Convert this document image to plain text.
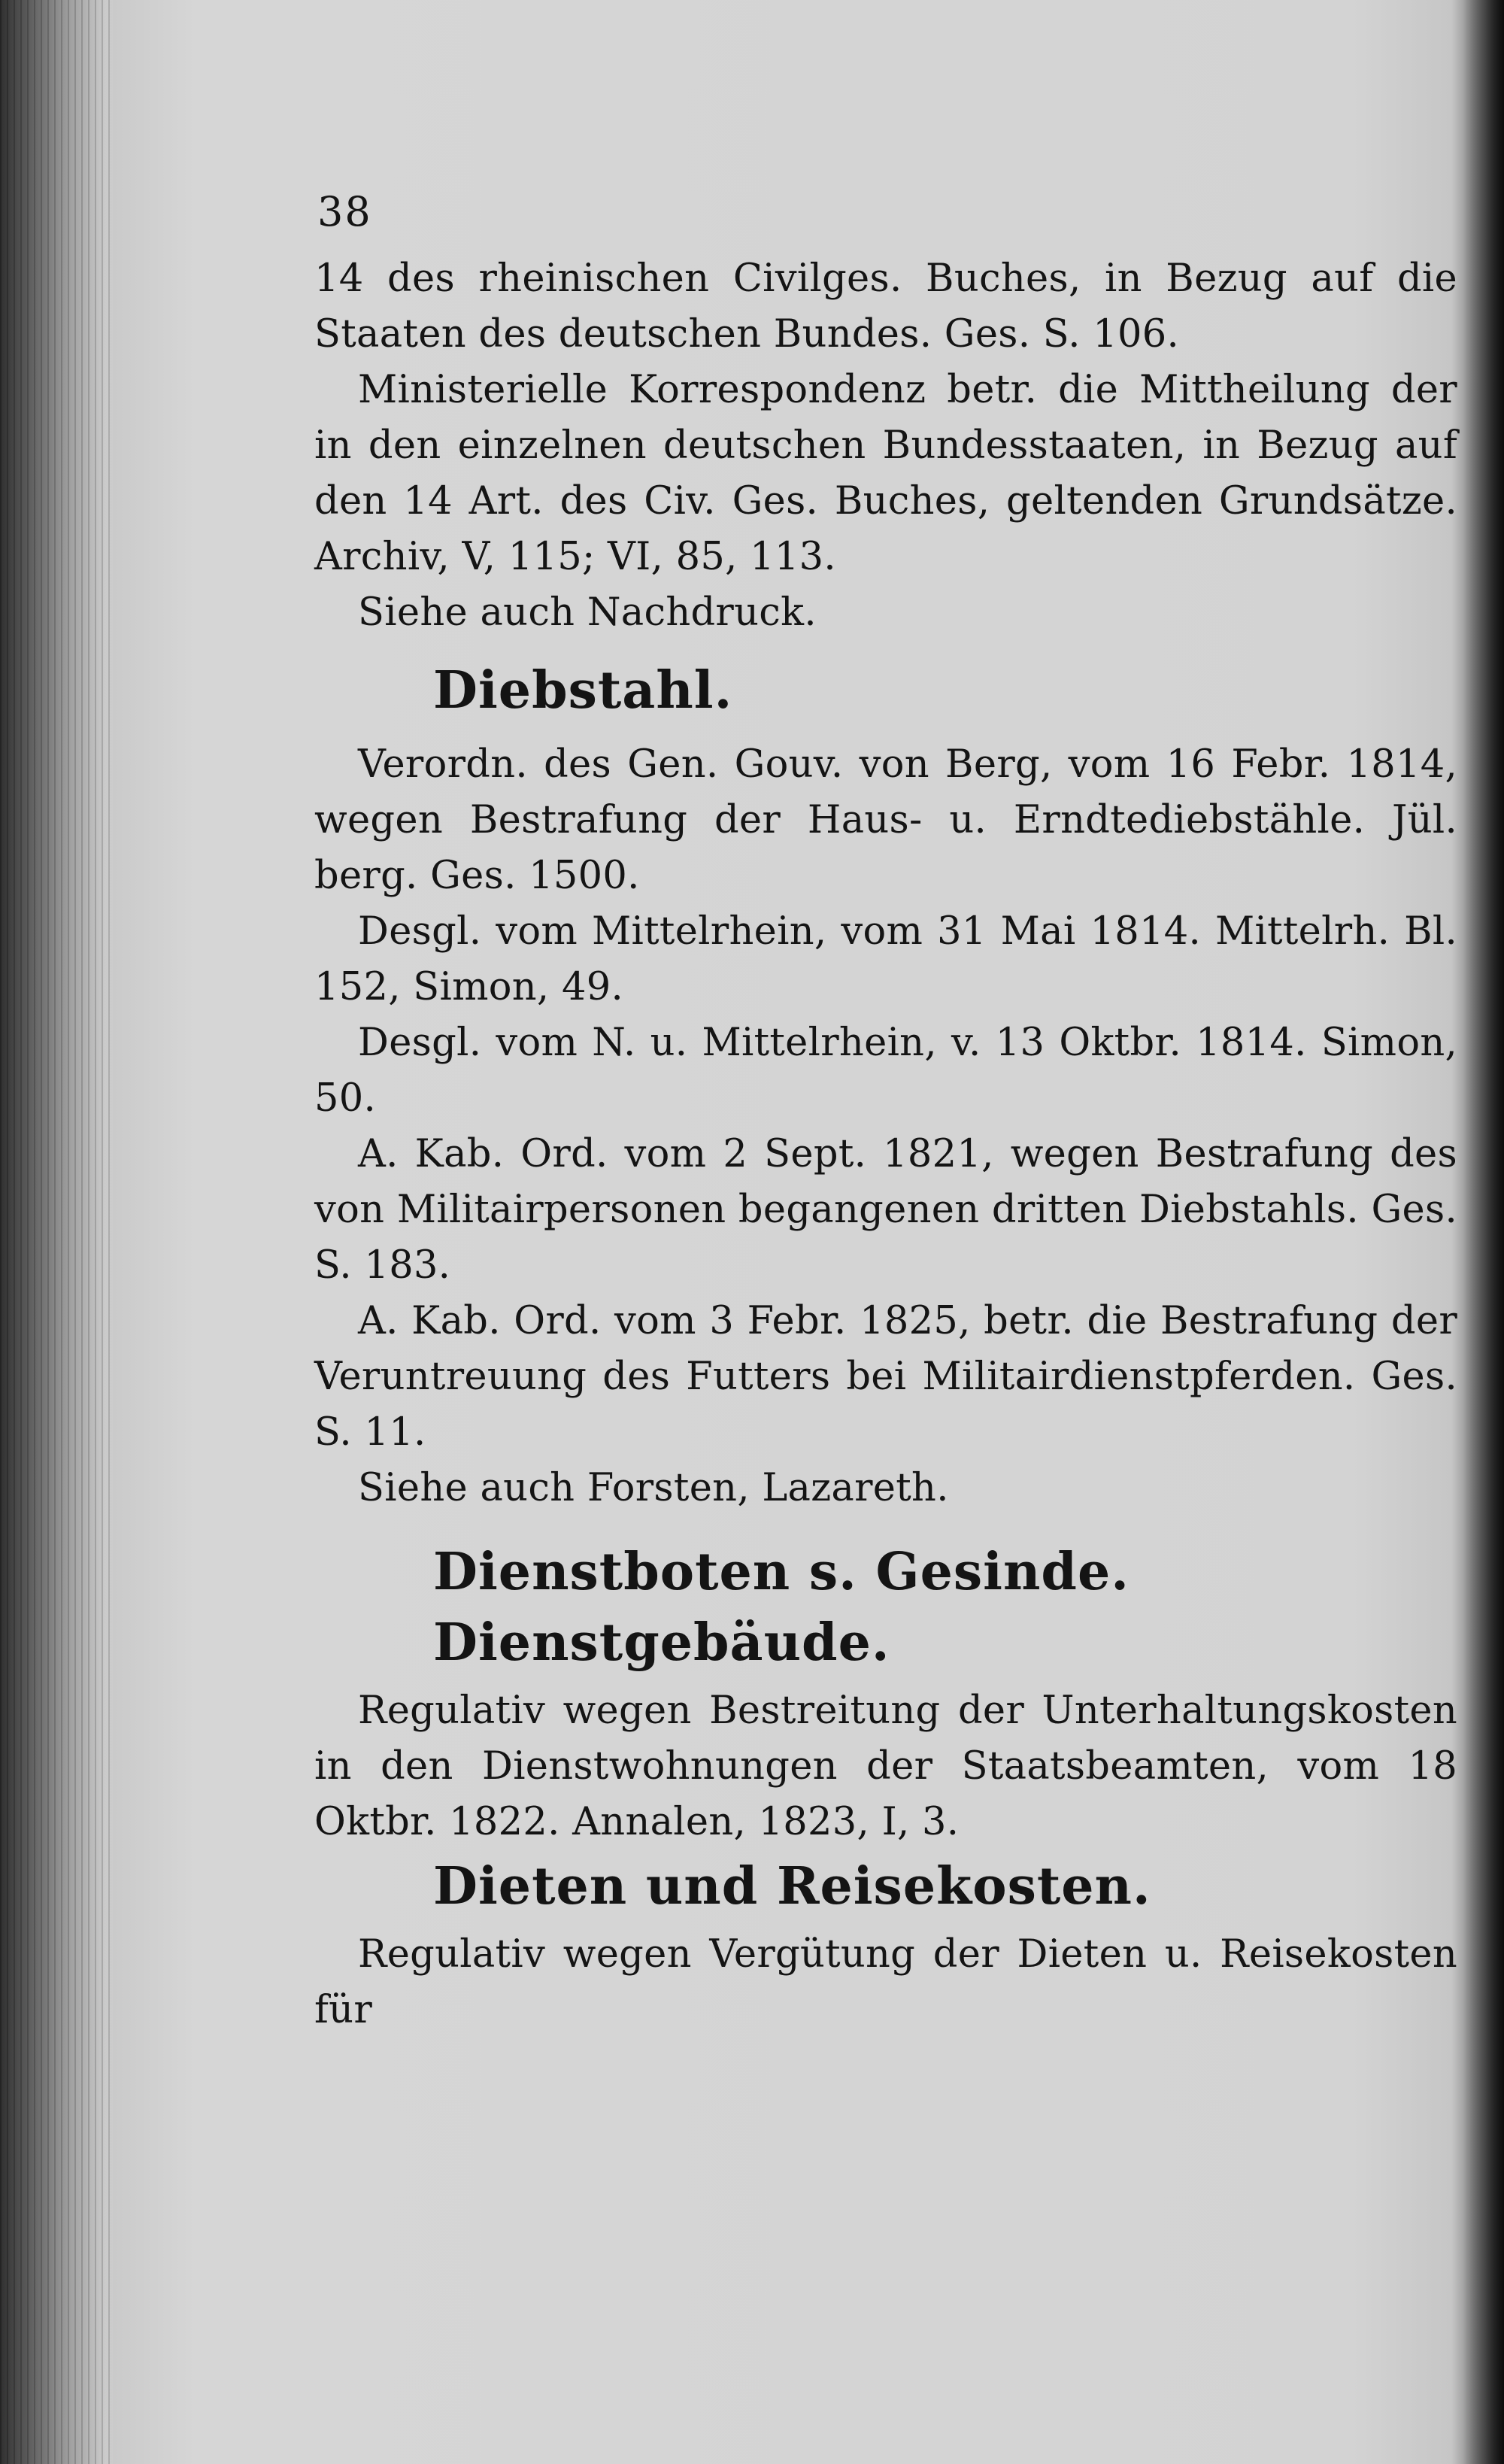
38

14 des rheinischen Civilges. Buches, in Bezug auf die Staaten des deutschen Bundes. Ges. S. 106.

Ministerielle Korrespondenz betr. die Mittheilung der in den einzelnen deutschen Bundesstaaten, in Bezug auf den 14 Art. des Civ. Ges. Buches, geltenden Grundsätze. Archiv, V, 115; VI, 85, 113.

Siehe auch Nachdruck.

Diebstahl.

Verordn. des Gen. Gouv. von Berg, vom 16 Febr. 1814, wegen Bestrafung der Haus- u. Erndtediebstähle. Jül. berg. Ges. 1500.

Desgl. vom Mittelrhein, vom 31 Mai 1814. Mittelrh. Bl. 152, Simon, 49.

Desgl. vom N. u. Mittelrhein, v. 13 Oktbr. 1814. Simon, 50.

A. Kab. Ord. vom 2 Sept. 1821, wegen Bestrafung des von Militairpersonen begangenen dritten Diebstahls. Ges. S. 183.

A. Kab. Ord. vom 3 Febr. 1825, betr. die Bestrafung der Veruntreuung des Futters bei Militairdienstpferden. Ges. S. 11.

Siehe auch Forsten, Lazareth.

Dienstboten s. Gesinde.
Dienstgebäude.

Regulativ wegen Bestreitung der Unterhaltungskosten in den Dienstwohnungen der Staatsbeamten, vom 18 Oktbr. 1822. Annalen, 1823, I, 3.

Dieten und Reisekosten.

Regulativ wegen Vergütung der Dieten u. Reisekosten für
